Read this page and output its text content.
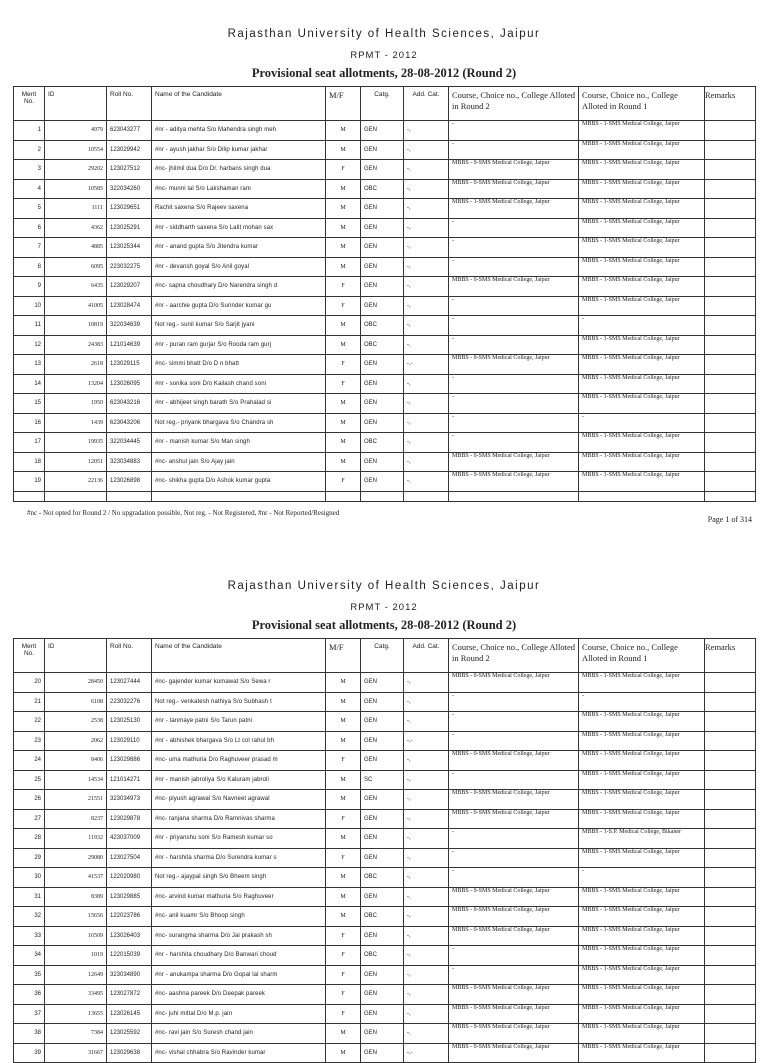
Rajasthan University of Health Sciences, Jaipur
RPMT - 2012
Provisional seat allotments, 28-08-2012 (Round 2)
Merit No.	ID	Roll No.	Name of the Candidate	M/F	Catg.	Add. Cat.	Course, Choice no., College Alloted in Round 2	Course, Choice no., College Alloted in Round 1	Remarks
1	4979	623043277	#nr - aditya mehta S/o Mahendra singh meh	M	GEN	-,	-	MBBS - 1-SMS Medical College, Jaipur	
2	10554	123029942	#nr - ayush jakhar S/o Dilip kumar jakhar	M	GEN	-,	-	MBBS - 1-SMS Medical College, Jaipur	
3	29202	123027512	#nc- jhilmil dua D/o Dr. harbans singh dua	F	GEN	-,	MBBS - 0-SMS Medical College, Jaipur	MBBS - 1-SMS Medical College, Jaipur	
4	10585	322034260	#nc- munni lal S/o Lakshaman ram	M	OBC	-,	MBBS - 0-SMS Medical College, Jaipur	MBBS - 1-SMS Medical College, Jaipur	
5	1111	123029651	Rachit saxena S/o Rajeev saxena	M	GEN	-,	MBBS - 1-SMS Medical College, Jaipur	MBBS - 1-SMS Medical College, Jaipur	
6	4362	123025291	#nr - siddharth saxena S/o Lalit mohan sax	M	GEN	-,	-	MBBS - 1-SMS Medical College, Jaipur	
7	4885	123025344	#nr - anand gupta S/o Jitendra kumar	M	GEN	-,	-	MBBS - 1-SMS Medical College, Jaipur	
8	6095	223032275	#nr - devansh goyal S/o Anil goyal	M	GEN	-,	-	MBBS - 1-SMS Medical College, Jaipur	
9	6435	123029207	#nc- sapna choudhary D/o Narendra singh d	F	GEN	-,	MBBS - 0-SMS Medical College, Jaipur	MBBS - 1-SMS Medical College, Jaipur	
10	41005	123028474	#nr - aarchie gupta D/o Surinder kumar gu	F	GEN	-,	-	MBBS - 1-SMS Medical College, Jaipur	
11	10819	322034639	Not reg.- sunil kumar S/o Sarjit jyani	M	OBC	-,	-	-	
12	24383	121014639	#nr - puran ram gurjar S/o Rooda ram gurj	M	OBC	-,	-	MBBS - 1-SMS Medical College, Jaipur	
13	2618	123029115	#nc- simmi bhatt D/o D n bhatt	F	GEN	-,-	MBBS - 0-SMS Medical College, Jaipur	MBBS - 1-SMS Medical College, Jaipur	
14	13204	123026095	#nr - sonika soni D/o Kailash chand soni	F	GEN	-,	-	MBBS - 1-SMS Medical College, Jaipur	
15	1950	623043216	#nr - abhijeet singh barath S/o Prahalad si	M	GEN	-,	-	MBBS - 1-SMS Medical College, Jaipur	
16	1439	623043206	Not reg.- priyank bhargava S/o Chandra sh	M	GEN	-,	-	-	
17	19935	322034445	#nr - manish kumar S/o Man singh	M	OBC	-,	-	MBBS - 1-SMS Medical College, Jaipur	
18	12051	323034883	#nc- anshul jain S/o Ajay jain	M	GEN	-,	MBBS - 0-SMS Medical College, Jaipur	MBBS - 1-SMS Medical College, Jaipur	
19	22136	123026898	#nc- shikha gupta D/o Ashok kumar gupta	F	GEN	-,	MBBS - 0-SMS Medical College, Jaipur	MBBS - 1-SMS Medical College, Jaipur	

#nc - Not opted for Round 2 / No upgradation possible, Not reg. - Not Registered, #nr - Not Reported/Resigned
Page 1 of 314
Rajasthan University of Health Sciences, Jaipur
RPMT - 2012
Provisional seat allotments, 28-08-2012 (Round 2)
Merit No.	ID	Roll No.	Name of the Candidate	M/F	Catg.	Add. Cat.	Course, Choice no., College Alloted in Round 2	Course, Choice no., College Alloted in Round 1	Remarks
20	28450	123027444	#nc- gajender kumar kumawat S/o Sewa r	M	GEN	-,	MBBS - 0-SMS Medical College, Jaipur	MBBS - 1-SMS Medical College, Jaipur	
21	6108	223032276	Not reg.- venkatesh nathiya S/o Subhash t	M	GEN	-,	-	-	
22	2538	123025130	#nr - tanmaye patni S/o Tarun patni	M	GEN	-,	-	MBBS - 1-SMS Medical College, Jaipur	
23	2062	123029110	#nr - abhishek bhargava S/o Lt col rahul bh	M	GEN	-,-	-	MBBS - 1-SMS Medical College, Jaipur	
24	8406	123029886	#nc- uma mathuria D/o Raghuveer prasad m	F	GEN	-,	MBBS - 0-SMS Medical College, Jaipur	MBBS - 1-SMS Medical College, Jaipur	
25	14534	121014271	#nr - manish jabroliya S/o Kaluram jabroli	M	SC	-,	-	MBBS - 1-SMS Medical College, Jaipur	
26	21551	323034973	#nc- piyush agrawal S/o Navneet agrawal	M	GEN	-,	MBBS - 0-SMS Medical College, Jaipur	MBBS - 1-SMS Medical College, Jaipur	
27	8237	123029878	#nc- ranjana sharma D/o Ramnivas sharma	F	GEN	-,	MBBS - 0-SMS Medical College, Jaipur	MBBS - 1-SMS Medical College, Jaipur	
28	11932	423037009	#nr - priyanshu soni S/o Ramesh kumar so	M	GEN	-,	-	MBBS - 1-S.P. Medical College, Bikaner	
29	29080	123027504	#nr - harshita sharma D/o Surendra kumar s	F	GEN	-,	-	MBBS - 1-SMS Medical College, Jaipur	
30	41537	122020980	Not reg.- ajaypal singh S/o Bheem singh	M	OBC	-,	-	-	
31	8389	123029885	#nc- arvind kumar mathuria S/o Raghuveer	M	GEN	-,	MBBS - 0-SMS Medical College, Jaipur	MBBS - 1-SMS Medical College, Jaipur	
32	15656	122023786	#nc- anil kuamr S/o Bhoop singh	M	OBC	-,	MBBS - 0-SMS Medical College, Jaipur	MBBS - 1-SMS Medical College, Jaipur	
33	16509	123026403	#nc- surangma sharma D/o Jai prakash sh	F	GEN	-,	MBBS - 0-SMS Medical College, Jaipur	MBBS - 1-SMS Medical College, Jaipur	
34	1019	122015039	#nr - harshita choudhary D/o Banwari choud	F	OBC	-,	-	MBBS - 1-SMS Medical College, Jaipur	
35	12649	323034890	#nr - anukampa sharma D/o Gopal lal sharm	F	GEN	-,	-	MBBS - 1-SMS Medical College, Jaipur	
36	33495	123027872	#nc- aashna pareek D/o Deepak pareek	F	GEN	-,	MBBS - 0-SMS Medical College, Jaipur	MBBS - 1-SMS Medical College, Jaipur	
37	13655	123026145	#nc- juhi mittal D/o M.p. jain	F	GEN	-,	MBBS - 0-SMS Medical College, Jaipur	MBBS - 1-SMS Medical College, Jaipur	
38	7384	123025592	#nc- ravi jain S/o Suresh chand jain	M	GEN	-,	MBBS - 0-SMS Medical College, Jaipur	MBBS - 1-SMS Medical College, Jaipur	
39	31667	123029638	#nc- vishal chhabra S/o Ravinder kumar	M	GEN	-,-	MBBS - 0-SMS Medical College, Jaipur	MBBS - 1-SMS Medical College, Jaipur	
